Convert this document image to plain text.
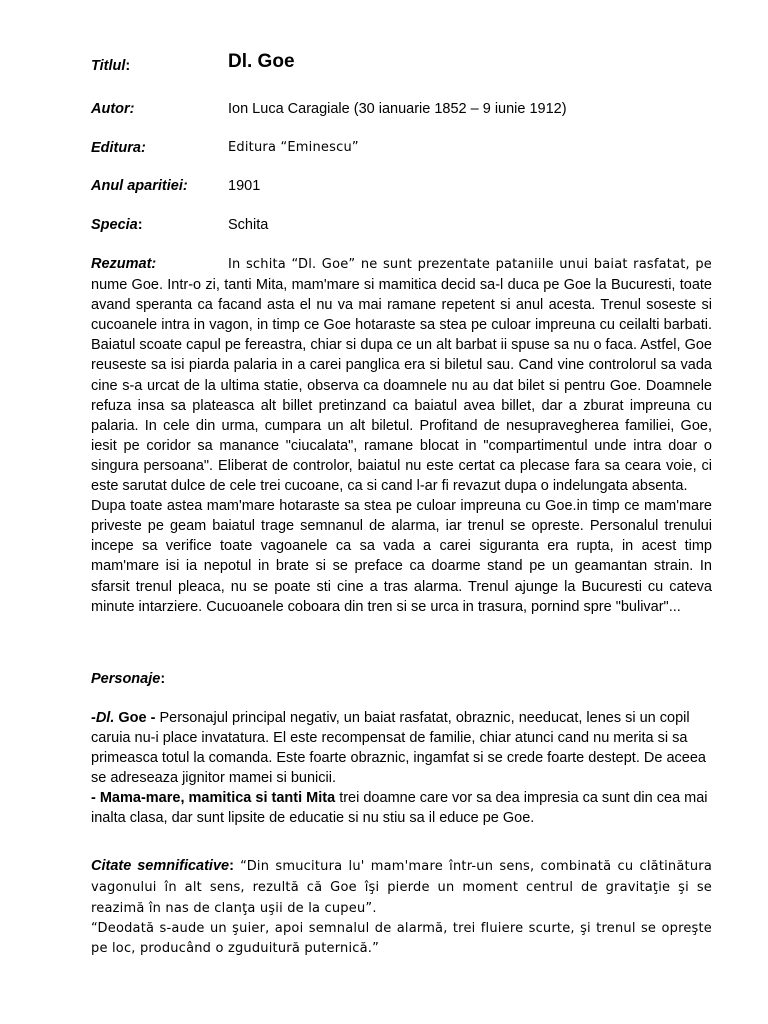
Titlul:	Dl. Goe
Autor:	Ion Luca Caragiale (30 ianuarie 1852 – 9 iunie 1912)
Editura:	Editura “Eminescu”
Anul aparitiei:	1901
Specia:	Schita

Rezumat:	In schita “Dl. Goe” ne sunt prezentate pataniile unui baiat rasfatat, pe nume Goe. Intr-o zi, tanti Mita, mam'mare si mamitica decid sa-l duca pe Goe la Bucuresti, toate avand speranta ca facand asta el nu va mai ramane repetent si anul acesta. Trenul soseste si cucoanele intra in vagon, in timp ce Goe hotaraste sa stea pe culoar impreuna cu ceilalti barbati. Baiatul scoate capul pe fereastra, chiar si dupa ce un alt barbat ii spuse sa nu o faca. Astfel, Goe reuseste sa isi piarda palaria in a carei panglica era si biletul sau. Cand vine controlorul sa vada cine s-a urcat de la ultima statie, observa ca doamnele nu au dat bilet si pentru Goe. Doamnele refuza insa sa plateasca alt billet pretinzand ca baiatul avea billet, dar a zburat impreuna cu palaria. In cele din urma, cumpara un alt biletul. Profitand de nesupravegherea familiei, Goe, iesit pe coridor sa manance "ciucalata", ramane blocat in "compartimentul unde intra doar o singura persoana". Eliberat de controlor, baiatul nu este certat ca plecase fara sa ceara voie, ci este sarutat dulce de cele trei cucoane, ca si cand l-ar fi revazut dupa o indelungata absenta.

Dupa toate astea mam'mare hotaraste sa stea pe culoar impreuna cu Goe.in timp ce mam'mare priveste pe geam baiatul trage semnanul de alarma, iar trenul se opreste. Personalul trenului incepe sa verifice toate vagoanele ca sa vada a carei siguranta era rupta, in acest timp mam'mare isi ia nepotul in brate si se preface ca doarme stand pe un geamantan strain. In sfarsit trenul pleaca, nu se poate sti cine a tras alarma. Trenul ajunge la Bucuresti cu cateva minute intarziere. Cucuoanele coboara din tren si se urca in trasura, pornind spre "bulivar"...

Personaje:

-Dl. Goe - Personajul principal negativ, un baiat rasfatat, obraznic, needucat, lenes si un copil caruia nu-i place invatatura. El este recompensat de familie, chiar atunci cand nu merita si sa primeasca totul la comanda. Este foarte obraznic, ingamfat si se crede foarte destept. De aceea se adreseaza jignitor mamei si bunicii.

- Mama-mare, mamitica si tanti Mita trei doamne care vor sa dea impresia ca sunt din cea mai inalta clasa, dar sunt lipsite de educatie si nu stiu sa il educe pe Goe.

Citate semnificative: “Din smucitura lu' mam'mare într-un sens, combinată cu clătinătura vagonului în alt sens, rezultă că Goe îşi pierde un moment centrul de gravitaţie şi se reazimă în nas de clanţa uşii de la cupeu”.

“Deodată s-aude un şuier, apoi semnalul de alarmă, trei fluiere scurte, şi trenul se opreşte pe loc, producând o zguduitură puternică.”
